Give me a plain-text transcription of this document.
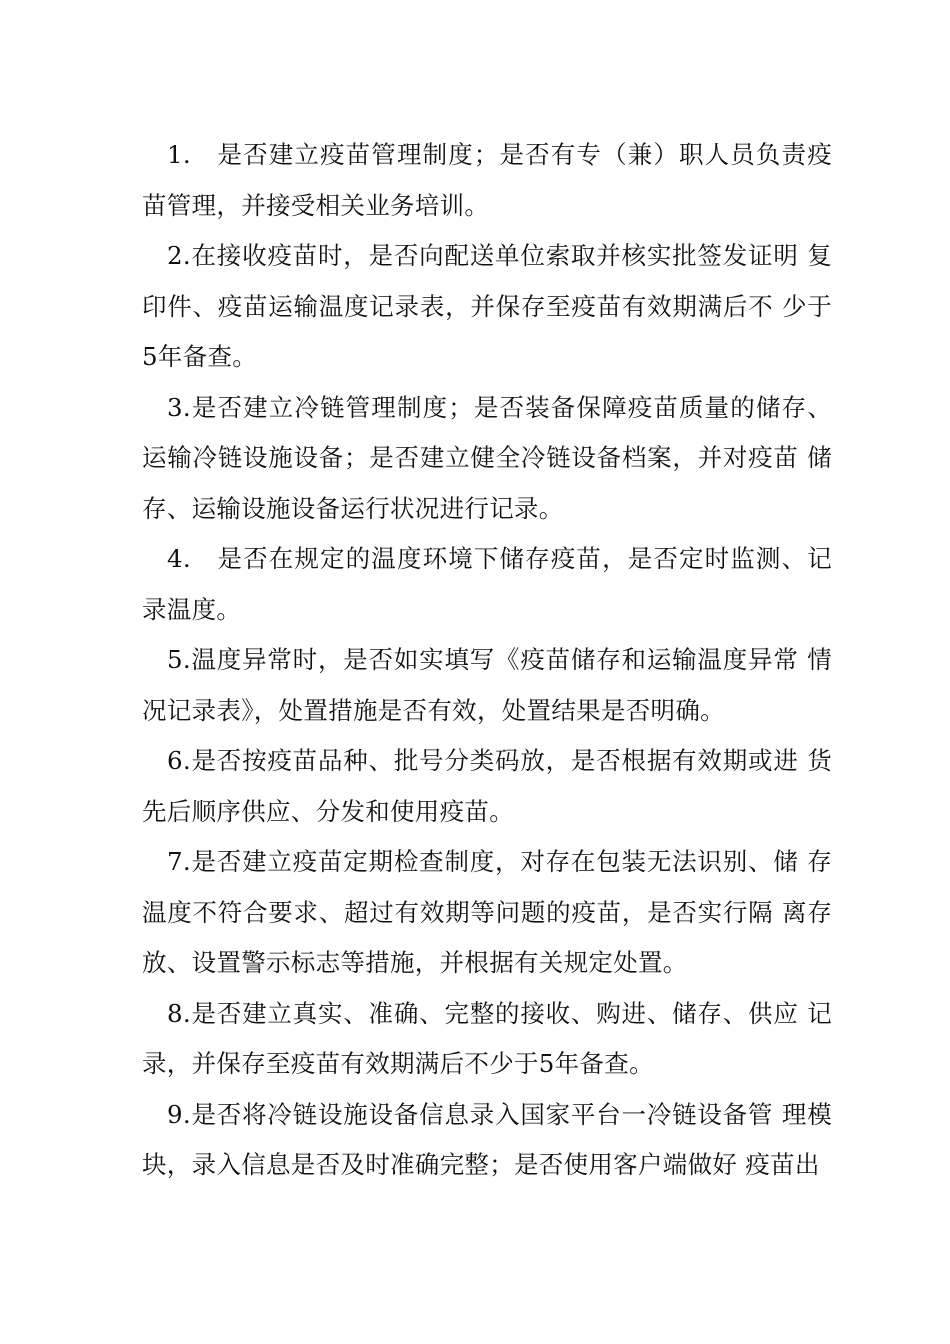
1.　是否建立疫苗管理制度；是否有专（兼）职人员负责疫苗管理，并接受相关业务培训。

2.在接收疫苗时，是否向配送单位索取并核实批签发证明 复印件、疫苗运输温度记录表，并保存至疫苗有效期满后不 少于5年备查。

3.是否建立冷链管理制度；是否装备保障疫苗质量的储存、运输冷链设施设备；是否建立健全冷链设备档案，并对疫苗 储存、运输设施设备运行状况进行记录。

4.　是否在规定的温度环境下储存疫苗，是否定时监测、记录温度。

5.温度异常时，是否如实填写《疫苗储存和运输温度异常 情况记录表》，处置措施是否有效，处置结果是否明确。

6.是否按疫苗品种、批号分类码放，是否根据有效期或进 货先后顺序供应、分发和使用疫苗。

7.是否建立疫苗定期检查制度，对存在包装无法识别、储 存温度不符合要求、超过有效期等问题的疫苗，是否实行隔 离存放、设置警示标志等措施，并根据有关规定处置。

8.是否建立真实、准确、完整的接收、购进、储存、供应 记录，并保存至疫苗有效期满后不少于5年备查。

9.是否将冷链设施设备信息录入国家平台一冷链设备管 理模块，录入信息是否及时准确完整；是否使用客户端做好 疫苗出
